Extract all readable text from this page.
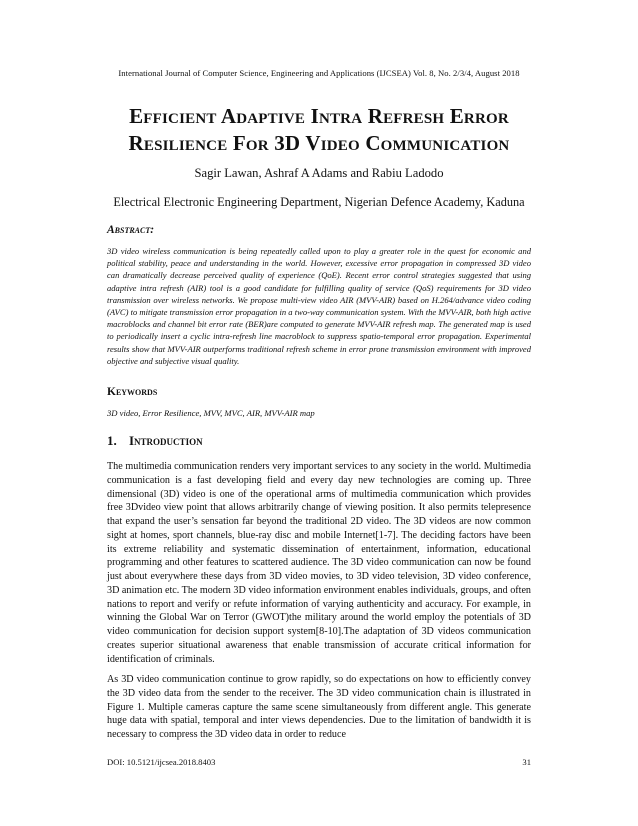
International Journal of Computer Science, Engineering and Applications (IJCSEA) Vol. 8, No. 2/3/4, August 2018
Efficient Adaptive Intra Refresh Error
Resilience For 3D Video Communication
Sagir Lawan, Ashraf A Adams and Rabiu Ladodo
Electrical Electronic Engineering Department, Nigerian Defence Academy, Kaduna
Abstract:
3D video wireless communication is being repeatedly called upon to play a greater role in the quest for economic and political stability, peace and understanding in the world. However, excessive error propagation in compressed 3D video can dramatically decrease perceived quality of experience (QoE). Recent error control strategies suggested that using adaptive intra refresh (AIR) tool is a good candidate for fulfilling quality of service (QoS) requirements for 3D video transmission over wireless networks. We propose multi-view video AIR (MVV-AIR) based on H.264/advance video coding (AVC) to mitigate transmission error propagation in a two-way communication system. With the MVV-AIR, both high active macroblocks and channel bit error rate (BER)are computed to generate MVV-AIR refresh map. The generated map is used to periodically insert a cyclic intra-refresh line macroblock to suppress spatio-temporal error propagation. Experimental results show that MVV-AIR outperforms traditional refresh scheme in error prone transmission environment with improved objective and subjective visual quality.
Keywords
3D video, Error Resilience, MVV, MVC, AIR, MVV-AIR map
1. Introduction
The multimedia communication renders very important services to any society in the world. Multimedia communication is a fast developing field and every day new technologies are coming up. Three dimensional (3D) video is one of the operational arms of multimedia communication which provides free 3Dvideo view point that allows arbitrarily change of viewing position. It also permits telepresence that expand the user’s sensation far beyond the traditional 2D video. The 3D videos are now common sight at homes, sport channels, blue-ray disc and mobile Internet[1-7]. The deciding factors have been its extreme reliability and systematic dissemination of entertainment, information, educational programming and other features to scattered audience. The 3D video communication can now be found just about everywhere these days from 3D video movies, to 3D video television, 3D video conference, 3D animation etc. The modern 3D video information environment enables individuals, groups, and often nations to report and verify or refute information of varying authenticity and accuracy. For example, in winning the Global War on Terror (GWOT)the military around the world employ the potentials of 3D video communication for decision support system[8-10].The adaptation of 3D videos communication creates superior situational awareness that enable transmission of accurate critical information for identification of criminals.
As 3D video communication continue to grow rapidly, so do expectations on how to efficiently convey the 3D video data from the sender to the receiver. The 3D video communication chain is illustrated in Figure 1. Multiple cameras capture the same scene simultaneously from different angle. This generate huge data with spatial, temporal and inter views dependencies. Due to the limitation of bandwidth it is necessary to compress the 3D video data in order to reduce
DOI: 10.5121/ijcsea.2018.8403	31
